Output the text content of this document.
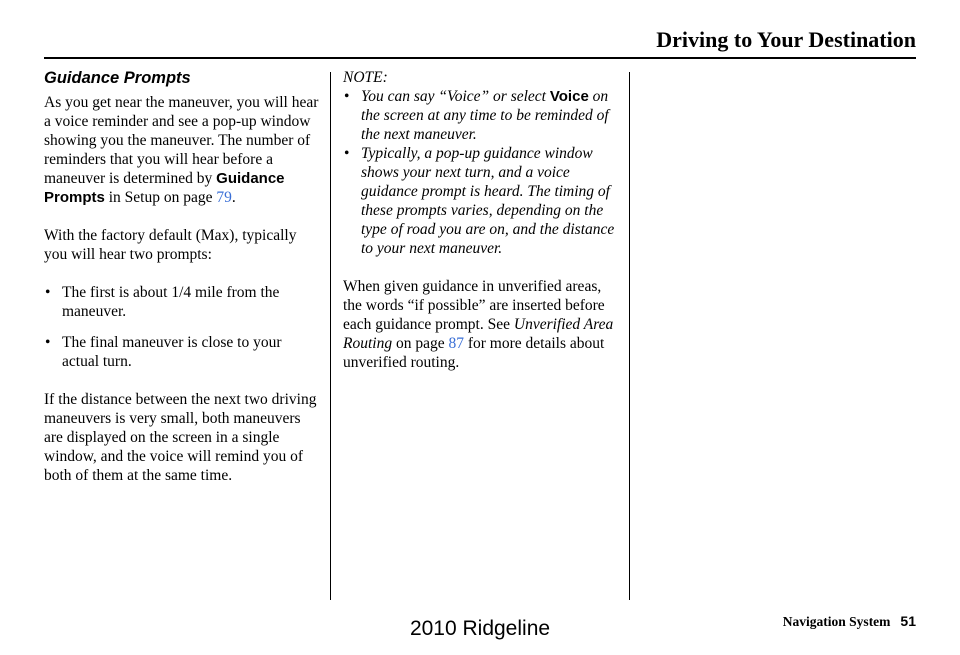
Driving to Your Destination
Guidance Prompts

As you get near the maneuver, you will hear a voice reminder and see a pop-up window showing you the maneuver. The number of reminders that you will hear before a maneuver is determined by Guidance Prompts in Setup on page 79.

With the factory default (Max), typically you will hear two prompts:

• The first is about 1/4 mile from the maneuver.
• The final maneuver is close to your actual turn.

If the distance between the next two driving maneuvers is very small, both maneuvers are displayed on the screen in a single window, and the voice will remind you of both of them at the same time.

NOTE:
• You can say “Voice” or select Voice on the screen at any time to be reminded of the next maneuver.
• Typically, a pop-up guidance window shows your next turn, and a voice guidance prompt is heard. The timing of these prompts varies, depending on the type of road you are on, and the distance to your next maneuver.

When given guidance in unverified areas, the words “if possible” are inserted before each guidance prompt. See Unverified Area Routing on page 87 for more details about unverified routing.

Navigation System 51
2010 Ridgeline
